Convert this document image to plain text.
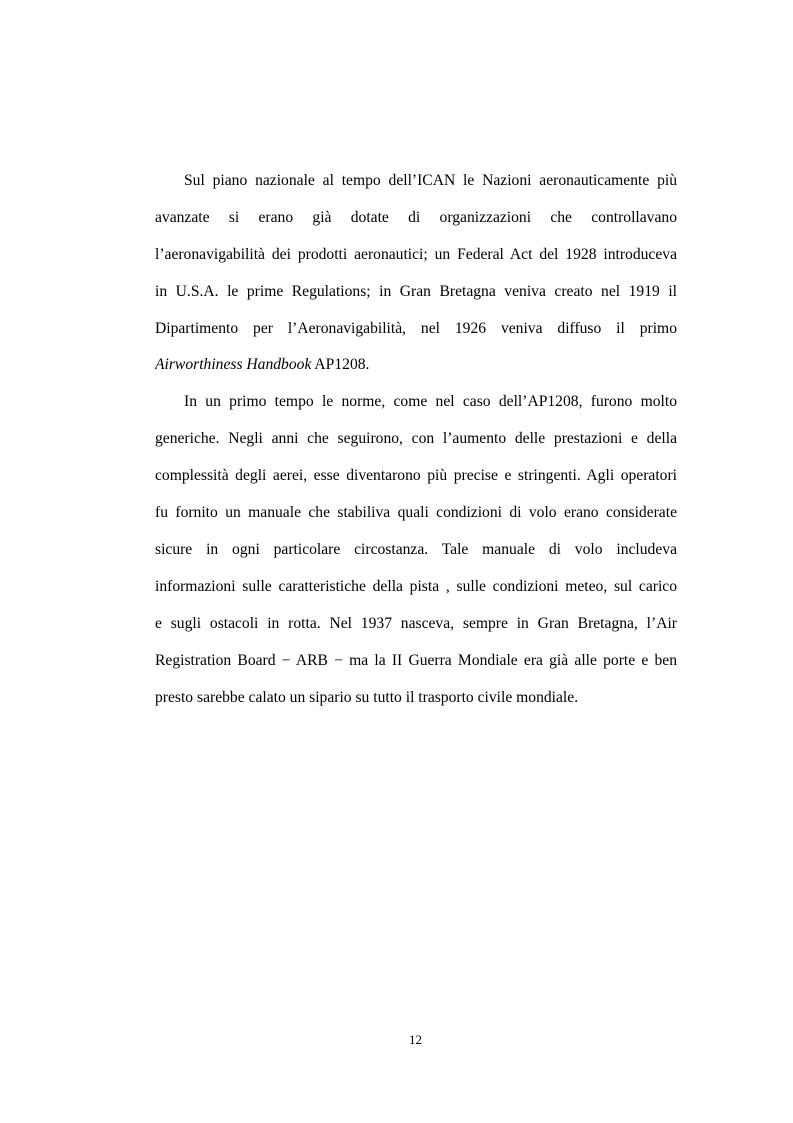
Sul piano nazionale al tempo dell’ICAN le Nazioni aeronauticamente più
avanzate si erano già dotate di organizzazioni che controllavano
l’aeronavigabilità dei prodotti aeronautici; un Federal Act del 1928 introduceva
in U.S.A. le prime Regulations; in Gran Bretagna veniva creato nel 1919 il
Dipartimento per l’Aeronavigabilità, nel 1926 veniva diffuso il primo
Airworthiness Handbook AP1208.
In un primo tempo le norme, come nel caso dell’AP1208, furono molto
generiche. Negli anni che seguirono, con l’aumento delle prestazioni e della
complessità degli aerei, esse diventarono più precise e stringenti. Agli operatori
fu fornito un manuale che stabiliva quali condizioni di volo erano considerate
sicure in ogni particolare circostanza. Tale manuale di volo includeva
informazioni sulle caratteristiche della pista , sulle condizioni meteo, sul carico
e sugli ostacoli in rotta. Nel 1937 nasceva, sempre in Gran Bretagna, l’Air
Registration Board − ARB − ma la II Guerra Mondiale era già alle porte e ben
presto sarebbe calato un sipario su tutto il trasporto civile mondiale.
12
